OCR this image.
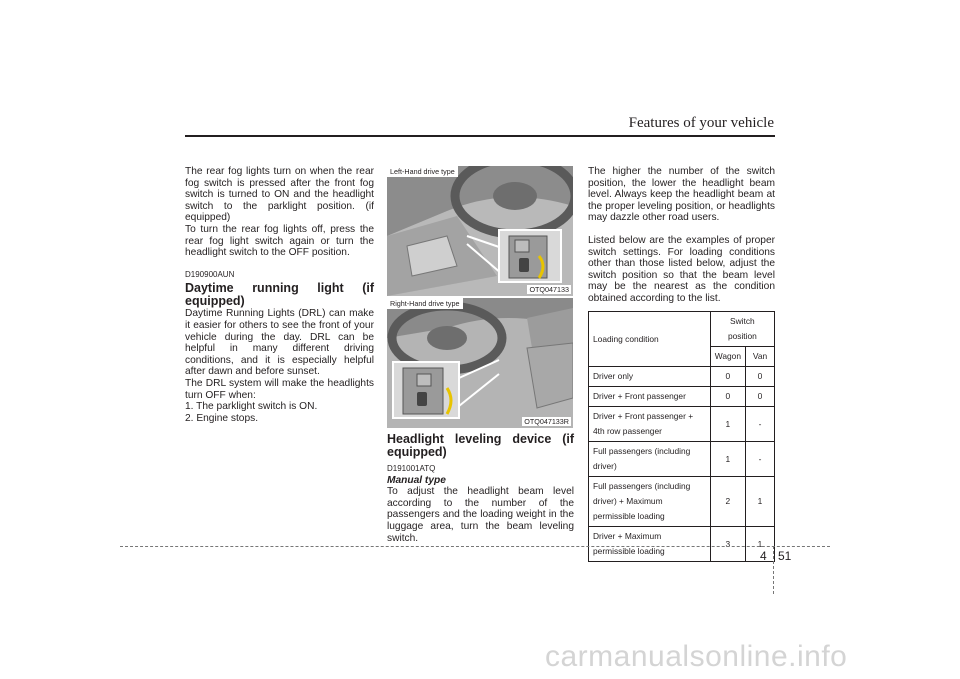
Features of your vehicle

The rear fog lights turn on when the rear fog switch is pressed after the front fog switch is turned to ON and the headlight switch to the parklight position. (if equipped)

To turn the rear fog lights off, press the rear fog light switch again or turn the headlight switch to the OFF position.

D190900AUN

Daytime running light (if equipped)

Daytime Running Lights (DRL) can make it easier for others to see the front of your vehicle during the day. DRL can be helpful in many different driving conditions, and it is especially helpful after dawn and before sunset.

The DRL system will make the headlights turn OFF when:

1. The parklight switch is ON.

2. Engine stops.

Left-Hand drive type
OTQ047133
Right-Hand drive type
OTQ047133R

Headlight leveling device (if equipped)

D191001ATQ

Manual type

To adjust the headlight beam level according to the number of the passengers and the loading weight in the luggage area, turn the beam leveling switch.

The higher the number of the switch position, the lower the headlight beam level. Always keep the headlight beam at the proper leveling position, or headlights may dazzle other road users.

Listed below are the examples of proper switch settings. For loading conditions other than those listed below, adjust the switch position so that the beam level may be the nearest as the condition obtained according to the list.

Loading condition	Switch position	
	Wagon	Van
Driver only	0	0
Driver + Front passenger	0	0
Driver + Front passenger + 4th row passenger	1	-
Full passengers (including driver)	1	-
Full passengers (including driver) + Maximum permissible loading	2	1
Driver + Maximum permissible loading	3	1
4 51
carmanualsonline.info
